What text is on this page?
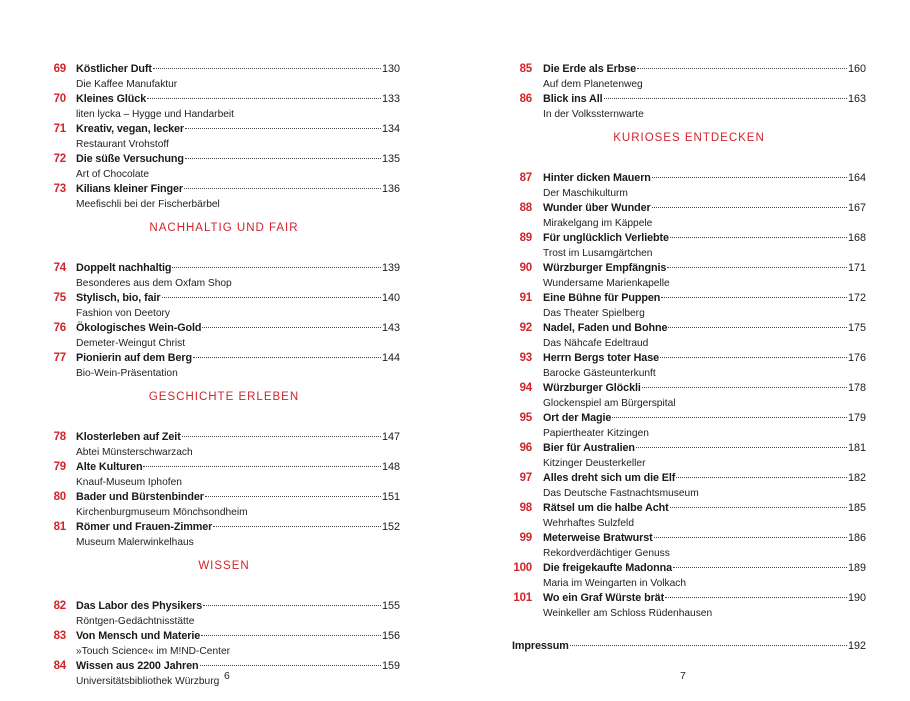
69 Köstlicher Duft	130
Die Kaffee Manufaktur
70 Kleines Glück	133
liten lycka – Hygge und Handarbeit
71 Kreativ, vegan, lecker	134
Restaurant Vrohstoff
72 Die süße Versuchung	135
Art of Chocolate
73 Kilians kleiner Finger	136
Meefischli bei der Fischerbärbel
NACHHALTIG UND FAIR
74 Doppelt nachhaltig	139
Besonderes aus dem Oxfam Shop
75 Stylisch, bio, fair	140
Fashion von Deetory
76 Ökologisches Wein-Gold	143
Demeter-Weingut Christ
77 Pionierin auf dem Berg	144
Bio-Wein-Präsentation
GESCHICHTE ERLEBEN
78 Klosterleben auf Zeit	147
Abtei Münsterschwarzach
79 Alte Kulturen	148
Knauf-Museum Iphofen
80 Bader und Bürstenbinder	151
Kirchenburgmuseum Mönchsondheim
81 Römer und Frauen-Zimmer	152
Museum Malerwinkelhaus
WISSEN
82 Das Labor des Physikers	155
Röntgen-Gedächtnisstätte
83 Von Mensch und Materie	156
»Touch Science« im M!ND-Center
84 Wissen aus 2200 Jahren	159
Universitätsbibliothek Würzburg
85 Die Erde als Erbse	160
Auf dem Planetenweg
86 Blick ins All	163
In der Volkssternwarte
KURIOSES ENTDECKEN
87 Hinter dicken Mauern	164
Der Maschikulturm
88 Wunder über Wunder	167
Mirakelgang im Käppele
89 Für unglücklich Verliebte	168
Trost im Lusamgärtchen
90 Würzburger Empfängnis	171
Wundersame Marienkapelle
91 Eine Bühne für Puppen	172
Das Theater Spielberg
92 Nadel, Faden und Bohne	175
Das Nähcafe Edeltraud
93 Herrn Bergs toter Hase	176
Barocke Gästeunterkunft
94 Würzburger Glöckli	178
Glockenspiel am Bürgerspital
95 Ort der Magie	179
Papiertheater Kitzingen
96 Bier für Australien	181
Kitzinger Deusterkeller
97 Alles dreht sich um die Elf	182
Das Deutsche Fastnachtsmuseum
98 Rätsel um die halbe Acht	185
Wehrhaftes Sulzfeld
99 Meterweise Bratwurst	186
Rekordverdächtiger Genuss
100 Die freigekaufte Madonna	189
Maria im Weingarten in Volkach
101 Wo ein Graf Würste brät	190
Weinkeller am Schloss Rüdenhausen
Impressum	192
6	7
